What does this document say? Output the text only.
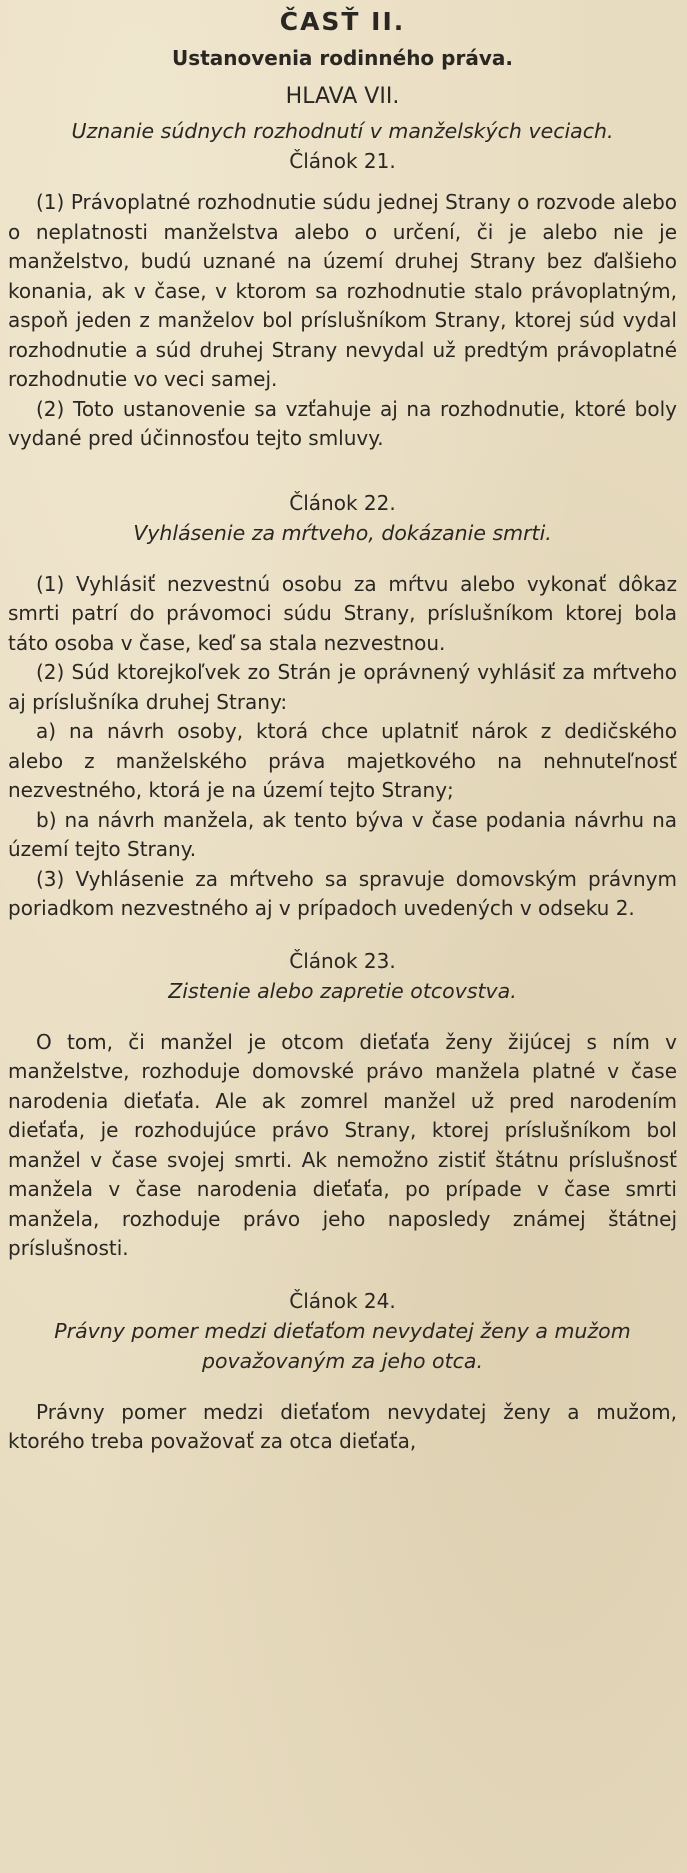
ČASŤ II.
Ustanovenia rodinného práva.
HLAVA VII.
Uznanie súdnych rozhodnutí v manželských veciach.
Článok 21.

(1) Právoplatné rozhodnutie súdu jednej Strany o rozvode alebo o neplatnosti manželstva alebo o určení, či je alebo nie je manželstvo, budú uznané na území druhej Strany bez ďalšieho konania, ak v čase, v ktorom sa rozhodnutie stalo právoplatným, aspoň jeden z manželov bol príslušníkom Strany, ktorej súd vydal rozhodnutie a súd druhej Strany nevydal už predtým právoplatné rozhodnutie vo veci samej.

(2) Toto ustanovenie sa vzťahuje aj na rozhodnutie, ktoré boly vydané pred účinnosťou tejto smluvy.

Článok 22.
Vyhlásenie za mŕtveho, dokázanie smrti.

(1) Vyhlásiť nezvestnú osobu za mŕtvu alebo vykonať dôkaz smrti patrí do právomoci súdu Strany, príslušníkom ktorej bola táto osoba v čase, keď sa stala nezvestnou.

(2) Súd ktorejkoľvek zo Strán je oprávnený vyhlásiť za mŕtveho aj príslušníka druhej Strany:

a) na návrh osoby, ktorá chce uplatniť nárok z dedičského alebo z manželského práva majetkového na nehnuteľnosť nezvestného, ktorá je na území tejto Strany;

b) na návrh manžela, ak tento býva v čase podania návrhu na území tejto Strany.

(3) Vyhlásenie za mŕtveho sa spravuje domovským právnym poriadkom nezvestného aj v prípadoch uvedených v odseku 2.

Článok 23.
Zistenie alebo zapretie otcovstva.

O tom, či manžel je otcom dieťaťa ženy žijúcej s ním v manželstve, rozhoduje domovské právo manžela platné v čase narodenia dieťaťa. Ale ak zomrel manžel už pred narodením dieťaťa, je rozhodujúce právo Strany, ktorej príslušníkom bol manžel v čase svojej smrti. Ak nemožno zistiť štátnu príslušnosť manžela v čase narodenia dieťaťa, po prípade v čase smrti manžela, rozhoduje právo jeho naposledy známej štátnej príslušnosti.

Článok 24.
Právny pomer medzi dieťaťom nevydatej ženy a mužom považovaným za jeho otca.

Právny pomer medzi dieťaťom nevydatej ženy a mužom, ktorého treba považovať za otca dieťaťa,
